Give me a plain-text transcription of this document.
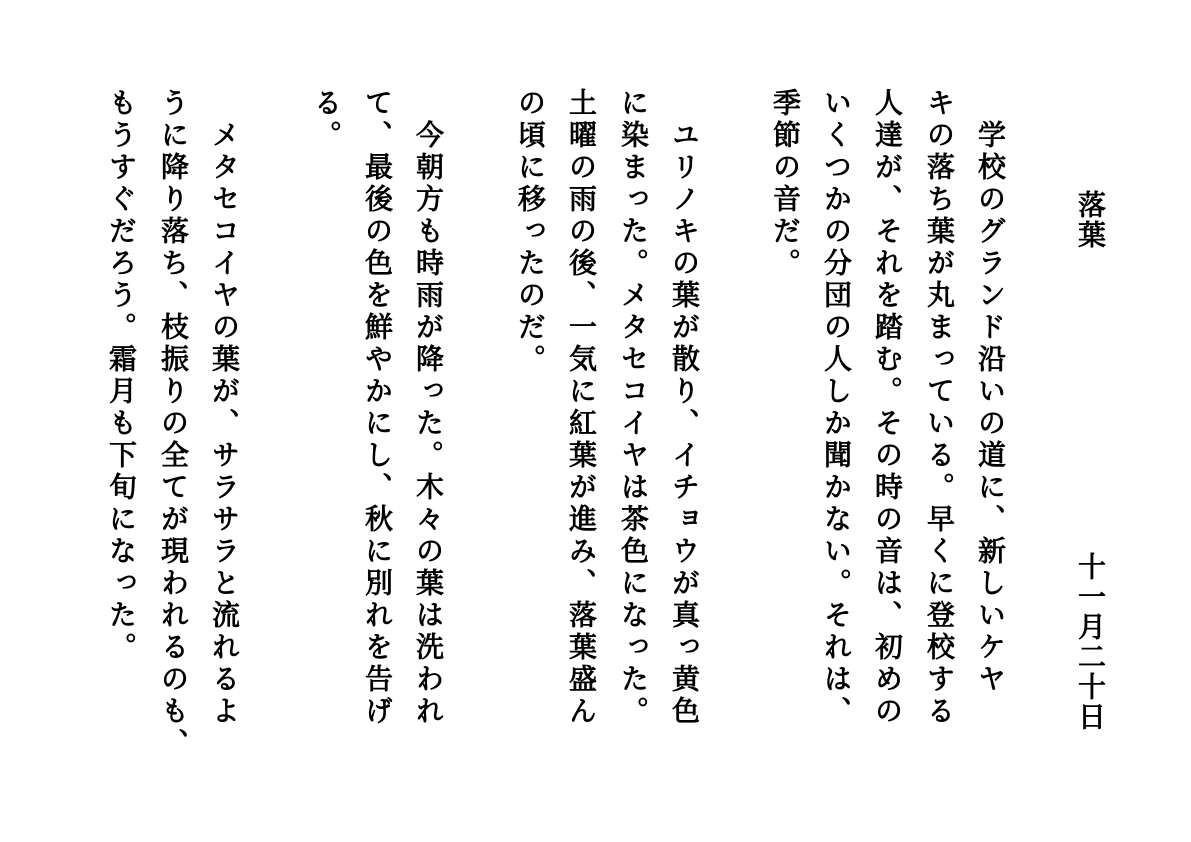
落葉
十一月二十日
　学校のグランド沿いの道に、新しいケヤ
キの落ち葉が丸まっている。早くに登校する
人達が、それを踏む。その時の音は、初めの
いくつかの分団の人しか聞かない。それは、
季節の音だ。
　ユリノキの葉が散り、イチョウが真っ黄色
に染まった。メタセコイヤは茶色になった。
土曜の雨の後、一気に紅葉が進み、落葉盛ん
の頃に移ったのだ。
　今朝方も時雨が降った。木々の葉は洗われ
て、最後の色を鮮やかにし、秋に別れを告げ
る。
　メタセコイヤの葉が、サラサラと流れるよ
うに降り落ち、枝振りの全てが現われるのも、
もうすぐだろう。霜月も下旬になった。
